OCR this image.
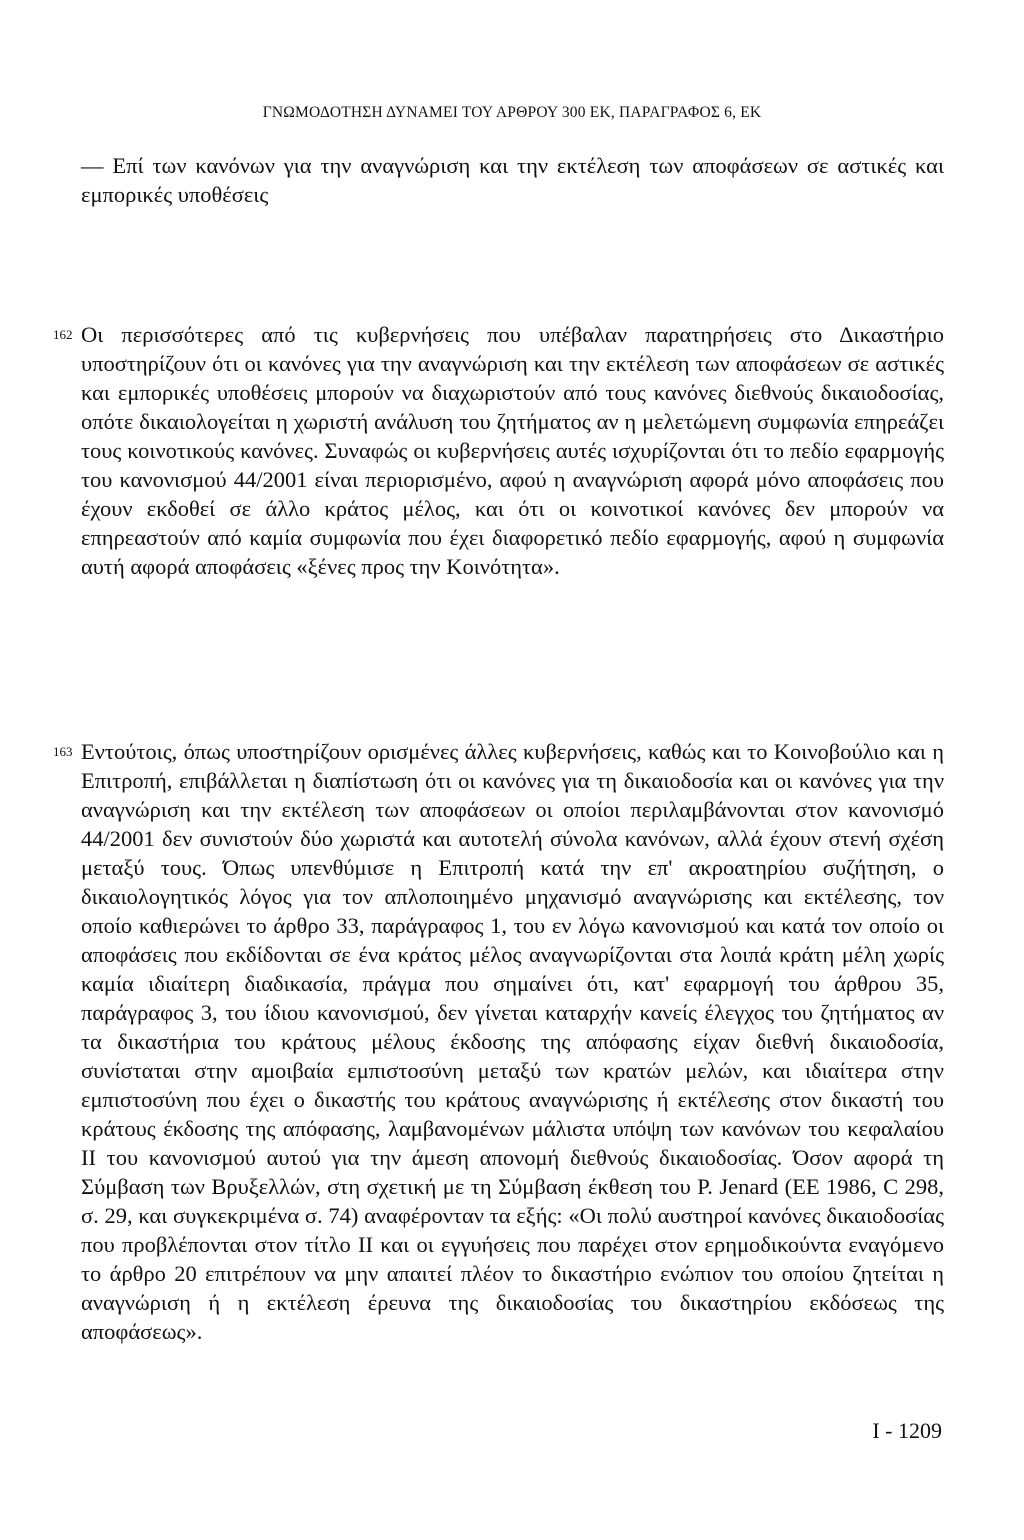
ΓΝΩΜΟΔΟΤΗΣΗ ΔΥΝΑΜΕΙ ΤΟΥ ΑΡΘΡΟΥ 300 ΕΚ, ΠΑΡΑΓΡΑΦΟΣ 6, ΕΚ
— Επί των κανόνων για την αναγνώριση και την εκτέλεση των αποφάσεων σε αστικές και εμπορικές υποθέσεις
162 Οι περισσότερες από τις κυβερνήσεις που υπέβαλαν παρατηρήσεις στο Δικαστήριο υποστηρίζουν ότι οι κανόνες για την αναγνώριση και την εκτέλεση των αποφάσεων σε αστικές και εμπορικές υποθέσεις μπορούν να διαχωριστούν από τους κανόνες διεθνούς δικαιοδοσίας, οπότε δικαιολογείται η χωριστή ανάλυση του ζητήματος αν η μελετώμενη συμφωνία επηρεάζει τους κοινοτικούς κανόνες. Συναφώς οι κυβερνήσεις αυτές ισχυρίζονται ότι το πεδίο εφαρμογής του κανονισμού 44/2001 είναι περιορισμένο, αφού η αναγνώριση αφορά μόνο αποφάσεις που έχουν εκδοθεί σε άλλο κράτος μέλος, και ότι οι κοινοτικοί κανόνες δεν μπορούν να επηρεαστούν από καμία συμφωνία που έχει διαφορετικό πεδίο εφαρμογής, αφού η συμφωνία αυτή αφορά αποφάσεις «ξένες προς την Κοινότητα».
163 Εντούτοις, όπως υποστηρίζουν ορισμένες άλλες κυβερνήσεις, καθώς και το Κοινοβούλιο και η Επιτροπή, επιβάλλεται η διαπίστωση ότι οι κανόνες για τη δικαιοδοσία και οι κανόνες για την αναγνώριση και την εκτέλεση των αποφάσεων οι οποίοι περιλαμβάνονται στον κανονισμό 44/2001 δεν συνιστούν δύο χωριστά και αυτοτελή σύνολα κανόνων, αλλά έχουν στενή σχέση μεταξύ τους. Όπως υπενθύμισε η Επιτροπή κατά την επ' ακροατηρίου συζήτηση, ο δικαιολογητικός λόγος για τον απλοποιημένο μηχανισμό αναγνώρισης και εκτέλεσης, τον οποίο καθιερώνει το άρθρο 33, παράγραφος 1, του εν λόγω κανονισμού και κατά τον οποίο οι αποφάσεις που εκδίδονται σε ένα κράτος μέλος αναγνωρίζονται στα λοιπά κράτη μέλη χωρίς καμία ιδιαίτερη διαδικασία, πράγμα που σημαίνει ότι, κατ' εφαρμογή του άρθρου 35, παράγραφος 3, του ίδιου κανονισμού, δεν γίνεται καταρχήν κανείς έλεγχος του ζητήματος αν τα δικαστήρια του κράτους μέλους έκδοσης της απόφασης είχαν διεθνή δικαιοδοσία, συνίσταται στην αμοιβαία εμπιστοσύνη μεταξύ των κρατών μελών, και ιδιαίτερα στην εμπιστοσύνη που έχει ο δικαστής του κράτους αναγνώρισης ή εκτέλεσης στον δικαστή του κράτους έκδοσης της απόφασης, λαμβανομένων μάλιστα υπόψη των κανόνων του κεφαλαίου II του κανονισμού αυτού για την άμεση απονομή διεθνούς δικαιοδοσίας. Όσον αφορά τη Σύμβαση των Βρυξελλών, στη σχετική με τη Σύμβαση έκθεση του P. Jenard (ΕΕ 1986, C 298, σ. 29, και συγκεκριμένα σ. 74) αναφέρονταν τα εξής: «Οι πολύ αυστηροί κανόνες δικαιοδοσίας που προβλέπονται στον τίτλο II και οι εγγυήσεις που παρέχει στον ερημοδικούντα εναγόμενο το άρθρο 20 επιτρέπουν να μην απαιτεί πλέον το δικαστήριο ενώπιον του οποίου ζητείται η αναγνώριση ή η εκτέλεση έρευνα της δικαιοδοσίας του δικαστηρίου εκδόσεως της αποφάσεως».
I - 1209
